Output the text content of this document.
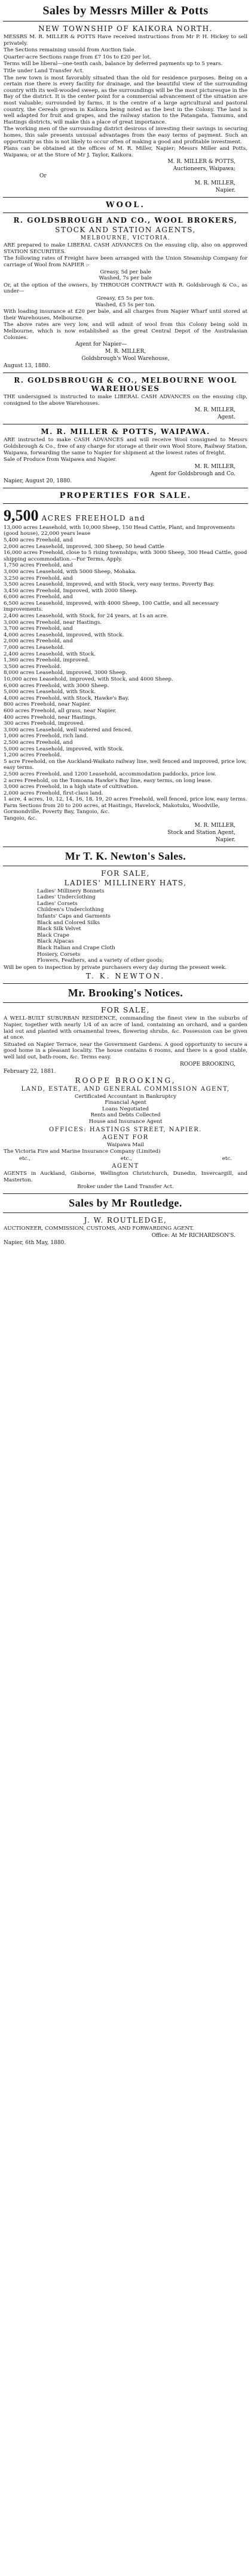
Sales by Messrs Miller & Potts
NEW TOWNSHIP OF KAIKORA NORTH.

MESSRS M. R. MILLER & POTTS Have received instructions from Mr P. H. Hickey to sell privately.

The Sections remaining unsold from Auction Sale.

Quarter-acre Sections range from £7 10s to £20 per lot.

Terms will be liberal—one-tenth cash, balance by deferred payments up to 5 years.

Title under Land Transfer Act.

The new town is most favorably situated than the old for residence purposes. Being on a certain rise there is every facility for drainage, and the beautiful view of the surrounding country with its well-wooded sweep, as the surroundings will be the most picturesque in the Bay of the district. It is the center point for a commercial advancement of the situation are most valuable; surrounded by farms, it is the centre of a large agricultural and pastoral country, the Cereals grown in Kaikora being noted as the best in the Colony. The land is well adapted for fruit and grapes, and the railway station to the Patangata, Tamumu, and Hastings districts, will make this a place of great importance.

The working men of the surrounding district desirous of investing their savings in securing homes, this sale presents unusual advantages from the easy terms of payment. Such an opportunity as this is not likely to occur often of making a good and profitable investment.

Plans can be obtained at the offices of M. R. Miller, Napier; Messrs Miller and Potts, Waipawa; or at the Store of Mr J. Taylor, Kaikora.

M. R. MILLER & POTTS,
Auctioneers, Waipawa;
Or
M. R. MILLER,
Napier.
WOOL.
R. GOLDSBROUGH AND CO., WOOL BROKERS,
STOCK AND STATION AGENTS,
MELBOURNE, VICTORIA.

ARE prepared to make LIBERAL CASH ADVANCES On the ensuing clip, also on approved STATION SECURITIES.

The following rates of Freight have been arranged with the Union Steamship Company for carriage of Wool from NAPIER :-

Greasy, 5d per bale
Washed, 7s per bale

Or, at the option of the owners, by THROUGH CONTRACT with R. Goldsbrough & Co., as under—

Greasy, £5 5s per ton.
Washed, £5 5s per ton.

With loading insurance at £20 per bale, and all charges from Napier Wharf until stored at their Warehouses, Melbourne.

The above rates are very low, and will admit of wool from this Colony being sold in Melbourne, which is now established as the great Central Depot of the Australasian Colonies.

Agent for Napier—
M. R. MILLER,
Goldsbrough's Wool Warehouse,
August 13, 1880.
R. GOLDSBROUGH & CO., MELBOURNE WOOL WAREHOUSES

THE undersigned is instructed to make LIBERAL CASH ADVANCES on the ensuing clip, consigned to the above Warehouses.

M. R. MILLER,
Agent.
M. R. MILLER & POTTS, WAIPAWA.

ARE instructed to make CASH ADVANCES and will receive Wool consigned to Messrs Goldsbrough & Co., free of any charge for storage at their own Wool Store, Railway Station, Waipawa, forwarding the same to Napier for shipment at the lowest rates of freight.

Sale of Produce from Waipawa and Napier.

M. R. MILLER,
Agent for Goldsbrough and Co.
Napier, August 20, 1880.
PROPERTIES FOR SALE.
9,500 ACRES FREEHOLD and
13,000 acres Leasehold, with 10,000 Sheep, 150 Head Cattle, Plant, and Improvements (good house), 22,000 years lease
5,400 acres Freehold, and
2,000 acres Leasehold, improved, 300 Sheep, 50 head Cattle
16,000 acres Freehold, close to 5 rising townships, with 3000 Sheep, 300 Head Cattle, good shipping accommodation.—For Terms, Apply.
1,750 acres Freehold, and
3,000 acres Leasehold, with 5000 Sheep, Mohaka.
3,250 acres Freehold, and
3,500 acres Leasehold, improved, and with Stock, very easy terms. Poverty Bay.
3,450 acres Freehold, Improved, with 2000 Sheep.
6,000 acres Freehold, and
6,500 acres Leasehold, improved, with 4000 Sheep, 100 Cattle, and all necessary improvements.
2,400 acres Leasehold, with Stock, for 24 years, at 1s an acre.
3,000 acres Freehold, near Hastings.
3,700 acres Freehold, and
4,000 acres Leasehold, improved, with Stock.
2,000 acres Freehold, and
7,000 acres Leasehold.
2,400 acres Leasehold, with Stock.
1,360 acres Freehold, improved.
3,500 acres Freehold.
8,000 acres Leasehold, improved, 3000 Sheep.
10,000 acres Leasehold, improved, with Stock, and 4000 Sheep.
6,000 acres Freehold, with 3000 Sheep.
5,000 acres Leasehold, with Stock.
4,000 acres Freehold, with Stock, Hawke's Bay.
800 acres Freehold, near Napier.
600 acres Freehold, all grass, near Napier.
400 acres Freehold, near Hastings.
300 acres Freehold, improved.
3,000 acres Leasehold, well watered and fenced.
1,000 acres Freehold, rich land.
2,500 acres Freehold, and
5,000 acres Leasehold, improved, with Stock.
1,200 acres Freehold.
5 acre Freehold, on the Auckland-Waikato railway line, well fenced and improved, price low, easy terms.
2,500 acres Freehold, and 1200 Leasehold, accommodation paddocks, price low.
2 acres Freehold, on the Tomoana Hawke's Bay line, easy terms, on long lease.
3,000 acres Freehold, in a high state of cultivation.
2,000 acres Freehold, first-class land.
1 acre, 4 acres, 10, 12, 14, 16, 18, 19, 20 acres Freehold, well fenced, price low, easy terms.
Farm Sections from 20 to 200 acres, at Hastings, Havelock, Makotuku, Woodville, Gormondville, Poverty Bay, Tangoio, &c.
Tangoio, &c.
M. R. MILLER,
Stock and Station Agent,
Napier.
Mr T. K. Newton's Sales.
FOR SALE,
LADIES' MILLINERY HATS,
Ladies' Millinery Bonnets
Ladies' Underclothing
Ladies' Corsets
Children's Underclothing
Infants' Caps and Garments
Black and Colored Silks
Black Silk Velvet
Black Crape
Black Alpacas
Black Italian and Crape Cloth
Hosiery, Corsets
Flowers, Feathers, and a variety of other goods;

Will be open to inspection by private purchasers every day during the present week.

T. K. NEWTON.
Mr. Brooking's Notices.
FOR SALE,

A WELL-BUILT SUBURBAN RESIDENCE, commanding the finest view in the suburbs of Napier, together with nearly 1/4 of an acre of land, containing an orchard, and a garden laid out and planted with ornamental trees, flowering shrubs, &c. Possession can be given at once.

Situated on Napier Terrace, near the Government Gardens. A good opportunity to secure a good home in a pleasant locality. The house contains 6 rooms, and there is a good stable, well laid out, bath-room, &c. Terms easy.

ROOPE BROOKING,
February 22, 1881.
ROOPE BROOKING,
LAND, ESTATE, AND GENERAL COMMISSION AGENT,
Certificated Accountant in Bankruptcy
Financial Agent
Loans Negotiated
Rents and Debts Collected
House and Insurance Agent
OFFICES: HASTINGS STREET, NAPIER.
AGENT FOR
Waipawa Mail

The Victoria Fire and Marine Insurance Company (Limited)

etc.,	etc.,	etc.
AGENT

AGENTS in Auckland, Gisborne, Wellington Christchurch, Dunedin, Invercargill, and Masterton.

Broker under the Land Transfer Act.
Sales by Mr Routledge.
J. W. ROUTLEDGE,

AUCTIONEER, COMMISSION, CUSTOMS, AND FORWARDING AGENT.

Office: At Mr RICHARDSON'S.
Napier, 6th May, 1880.
